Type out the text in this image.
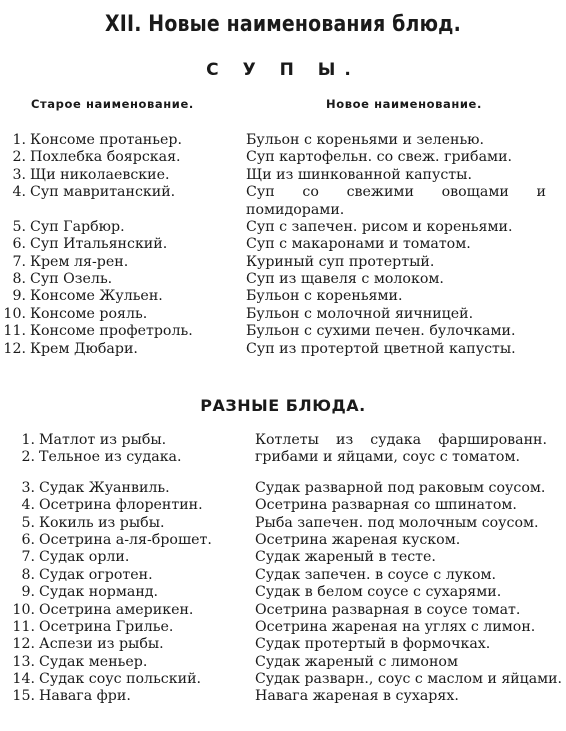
XII. Новые наименования блюд.
С У П Ы.
Старое наименование.	Новое наименование.
1. Консоме протаньер.	Бульон с кореньями и зеленью.
2. Похлебка боярская.	Суп картофельн. со свеж. грибами.
3. Щи николаевские.	Щи из шинкованной капусты.
4. Суп мавританский.	Суп со свежими овощами и помидорами.
5. Суп Гарбюр.	Суп с запечен. рисом и кореньями.
6. Суп Итальянский.	Суп с макаронами и томатом.
7. Крем ля-рен.	Куриный суп протертый.
8. Суп Озель.	Суп из щавеля с молоком.
9. Консоме Жульен.	Бульон с кореньями.
10. Консоме рояль.	Бульон с молочной яичницей.
11. Консоме профетроль.	Бульон с сухими печен. булочками.
12. Крем Дюбари.	Суп из протертой цветной капусты.
РАЗНЫЕ БЛЮДА.
1. Матлот из рыбы.	Котлеты из судака фаршированн. грибами и яйцами, соус с томатом.
2. Тельное из судака.
3. Судак Жуанвиль.	Судак разварной под раковым соусом.
4. Осетрина флорентин.	Осетрина разварная со шпинатом.
5. Кокиль из рыбы.	Рыба запечен. под молочным соусом.
6. Осетрина а-ля-брошет.	Осетрина жареная куском.
7. Судак орли.	Судак жареный в тесте.
8. Судак огротен.	Судак запечен. в соусе с луком.
9. Судак норманд.	Судак в белом соусе с сухарями.
10. Осетрина америкен.	Осетрина разварная в соусе томат.
11. Осетрина Грилье.	Осетрина жареная на углях с лимон.
12. Аспези из рыбы.	Судак протертый в формочках.
13. Судак меньер.	Судак жареный с лимоном
14. Судак соус польский.	Судак разварн., соус с маслом и яйцами.
15. Навага фри.	Навага жареная в сухарях.
